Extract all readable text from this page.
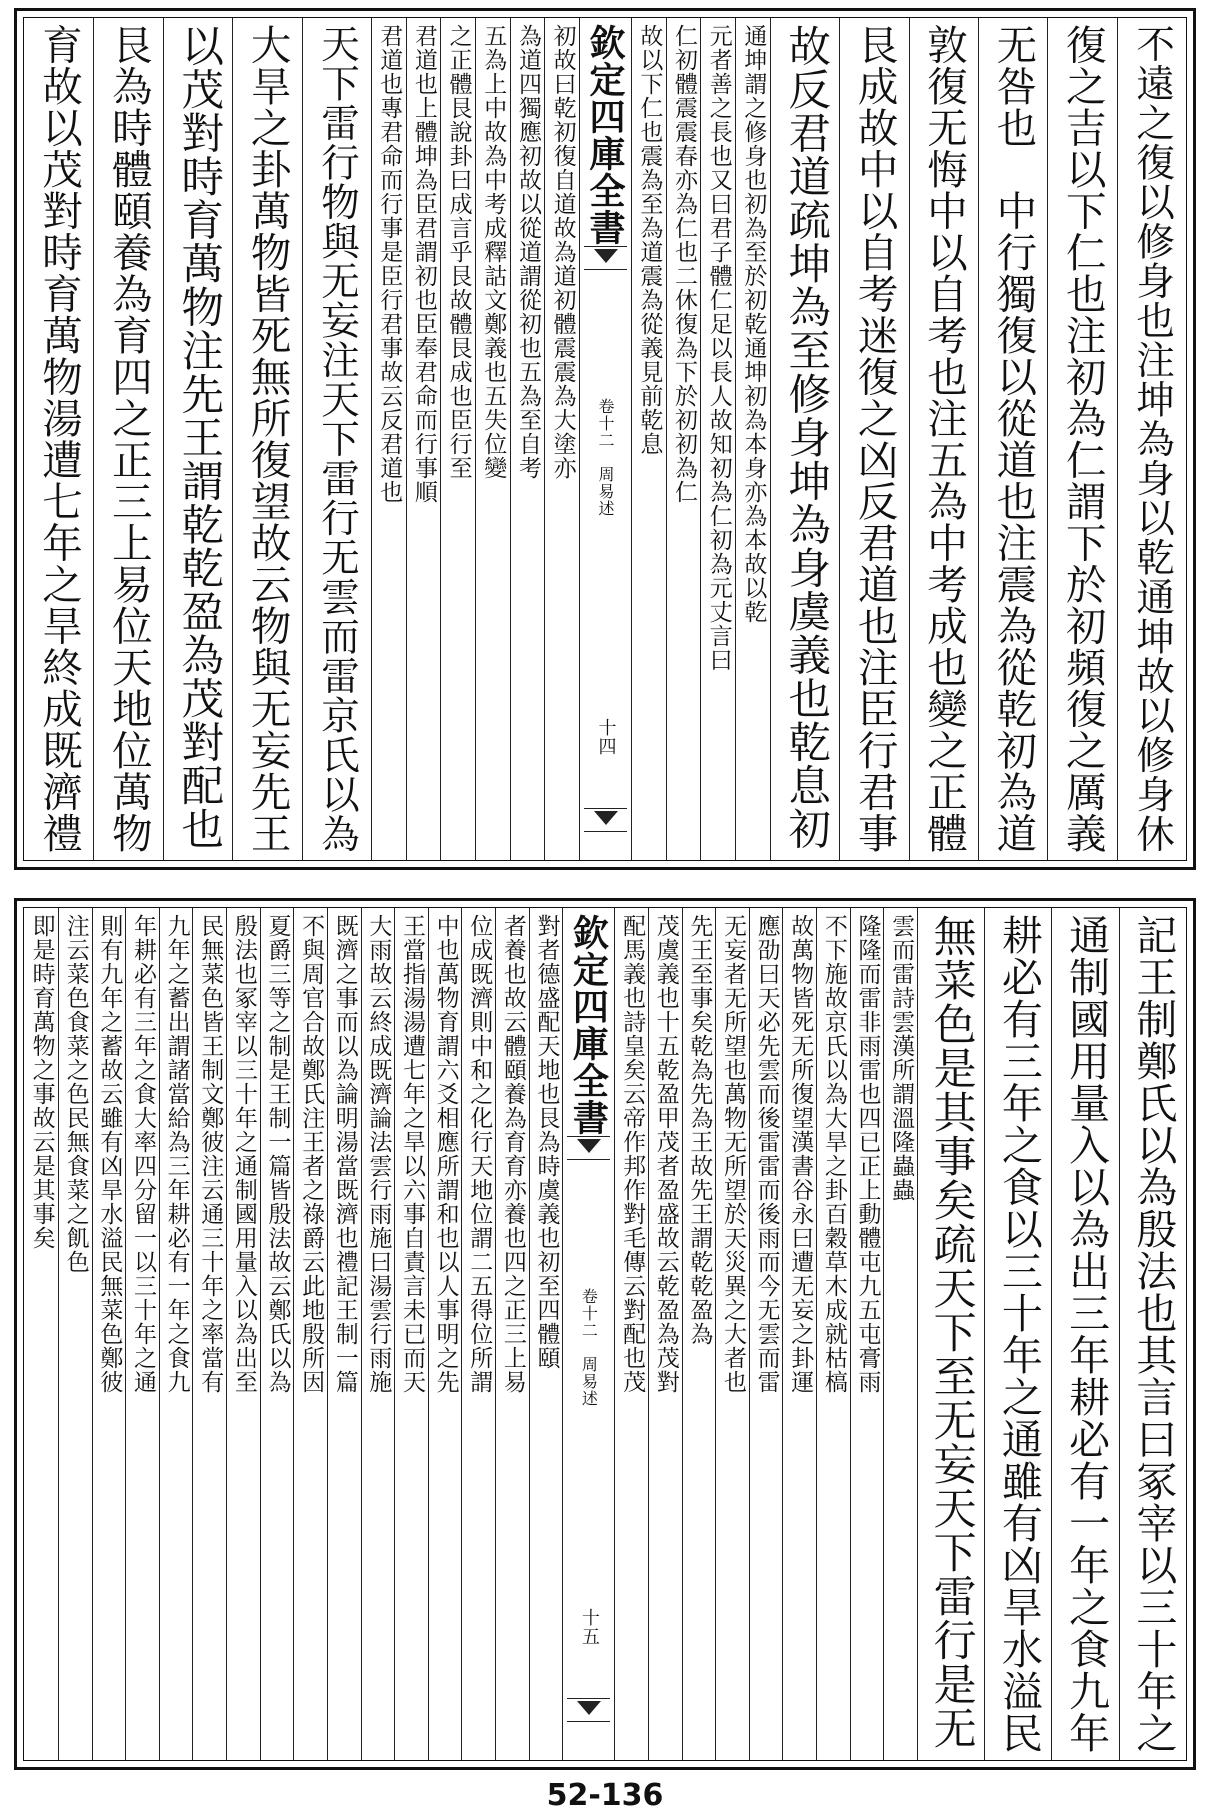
不遠之復以修身也注坤為身以乾通坤故以修身休
復之吉以下仁也注初為仁謂下於初頻復之厲義
无咎也　中行獨復以從道也注震為從乾初為道
敦復无悔中以自考也注五為中考成也變之正體
艮成故中以自考迷復之凶反君道也注臣行君事
故反君道疏坤為至修身坤為身虞義也乾息初
通坤謂之修身也初為至於初乾通坤初為本身亦為本故以乾
元者善之長也又曰君子體仁足以長人故知初為仁初為元丈言曰
仁初體震震春亦為仁也二休復為下於初初為仁
故以下仁也震為至為道震為從義見前乾息
欽定四庫全書
卷十二　周易述
十四
初故曰乾初復自道故為道初體震震為大塗亦
為道四獨應初故以從道謂從初也五為至自考
五為上中故為中考成釋詁文鄭義也五失位變
之正體艮說卦曰成言乎艮故體艮成也臣行至
君道也上體坤為臣君謂初也臣奉君命而行事順
君道也專君命而行事是臣行君事故云反君道也
天下雷行物與无妄注天下雷行无雲而雷京氏以為
大旱之卦萬物皆死無所復望故云物與无妄先王
以茂對時育萬物注先王謂乾乾盈為茂對配也
艮為時體頤養為育四之正三上易位天地位萬物
育故以茂對時育萬物湯遭七年之旱終成既濟禮
記王制鄭氏以為殷法也其言曰冢宰以三十年之
通制國用量入以為出三年耕必有一年之食九年
耕必有三年之食以三十年之通雖有凶旱水溢民
無菜色是其事矣疏天下至无妄天下雷行是无
雲而雷詩雲漢所謂溫隆蟲蟲
隆隆而雷非雨雷也四已正上動體屯九五屯膏雨
不下施故京氏以為大旱之卦百穀草木成就枯槁
故萬物皆死无所復望漢書谷永曰遭无妄之卦運
應劭曰天必先雲而後雷雷而後雨而今无雲而雷
无妄者无所望也萬物无所望於天災異之大者也
先王至事矣乾為先為王故先王謂乾乾盈為
茂虞義也十五乾盈甲茂者盈盛故云乾盈為茂對
配馬義也詩皇矣云帝作邦作對毛傳云對配也茂
欽定四庫全書
卷十二　周易述
十五
對者德盛配天地也艮為時虞義也初至四體頤
者養也故云體頤養為育育亦養也四之正三上易
位成既濟則中和之化行天地位謂二五得位所謂
中也萬物育謂六爻相應所謂和也以人事明之先
王當指湯湯遭七年之旱以六事自責言未已而天
大雨故云終成既濟論法雲行雨施曰湯雲行雨施
既濟之事而以為論明湯當既濟也禮記王制一篇
不與周官合故鄭氏注王者之祿爵云此地殷所因
夏爵三等之制是王制一篇皆殷法故云鄭氏以為
殷法也冢宰以三十年之通制國用量入以為出至
民無菜色皆王制文鄭彼注云通三十年之率當有
九年之蓄出謂諸當給為三年耕必有一年之食九
年耕必有三年之食大率四分留一以三十年之通
則有九年之蓄故云雖有凶旱水溢民無菜色鄭彼
注云菜色食菜之色民無食菜之飢色
即是時育萬物之事故云是其事矣
52-136
